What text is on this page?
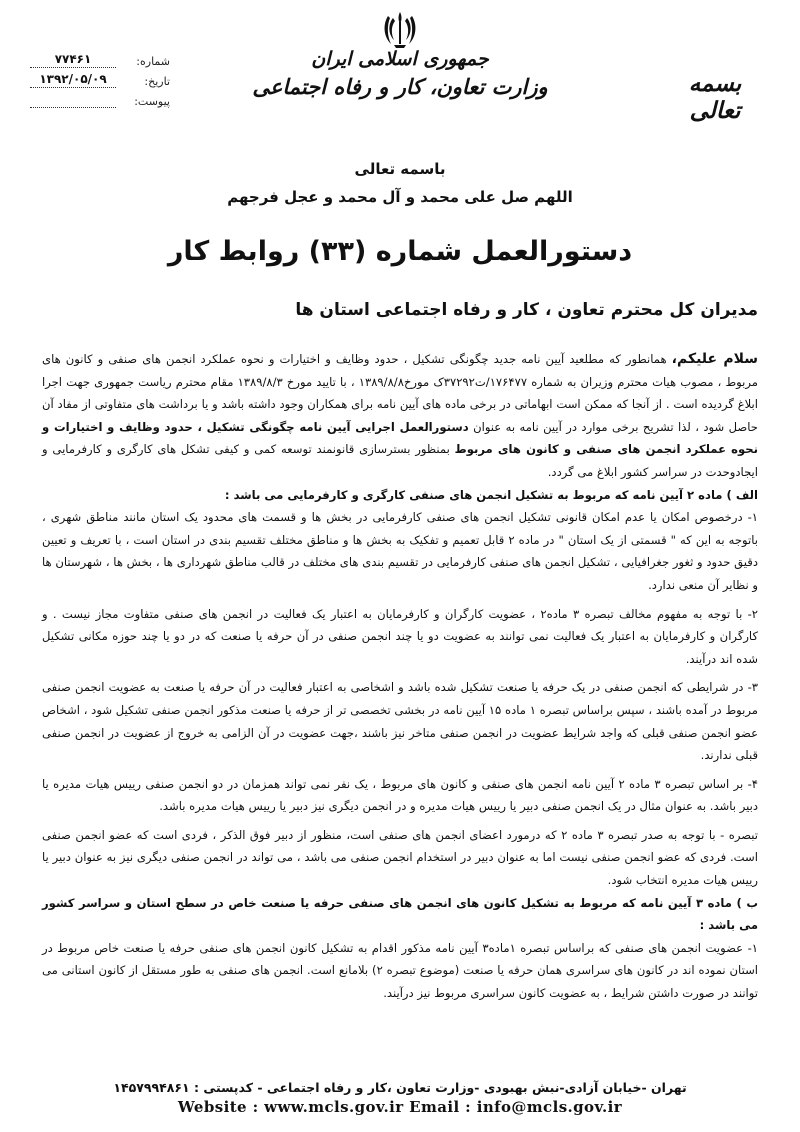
جمهوری اسلامی ایران
وزارت تعاون، کار و رفاه اجتماعی	بسمه تعالی
شماره:
۷۷۴۶۱
تاریخ:
۱۳۹۲/۰۵/۰۹
پیوست:
باسمه تعالی
اللهم صل علی محمد و آل محمد و عجل فرجهم
دستورالعمل شماره (۳۳) روابط کار
مدیران کل محترم تعاون ، کار و رفاه اجتماعی استان ها

سلام علیکم، همانطور که مطلعید آیین نامه جدید چگونگی تشکیل ، حدود وظایف و اختیارات و نحوه عملکرد انجمن های صنفی و کانون های مربوط ، مصوب هیات محترم وزیران به شماره ۱۷۶۴۷۷/ت۳۷۲۹۲ک مورخ۱۳۸۹/۸/۸ ، با تایید مورخ ۱۳۸۹/۸/۳ مقام محترم ریاست جمهوری جهت اجرا ابلاغ گردیده است . از آنجا که ممکن است ابهاماتی در برخی ماده های آیین نامه برای همکاران وجود داشته باشد و یا برداشت های متفاوتی از مفاد آن حاصل شود ، لذا تشریح برخی موارد در آیین نامه به عنوان دستورالعمل اجرایی آیین نامه چگونگی تشکیل ، حدود وظایف و اختیارات و نحوه عملکرد انجمن های صنفی و کانون های مربوط بمنظور بسترسازی قانونمند توسعه کمی و کیفی تشکل های کارگری و کارفرمایی و ایجادوحدت در سراسر کشور ابلاغ می گردد.

الف ) ماده ۲ آیین نامه که مربوط به تشکیل انجمن های صنفی کارگری و کارفرمایی می باشد :

۱- درخصوص امکان یا عدم امکان قانونی تشکیل انجمن های صنفی کارفرمایی در بخش ها و قسمت های محدود یک استان مانند مناطق شهری ، باتوجه به این که " قسمتی از یک استان " در ماده ۲ قابل تعمیم و تفکیک به بخش ها و مناطق مختلف تقسیم بندی در استان است ، با تعریف و تعیین دقیق حدود و ثغور جغرافیایی ، تشکیل انجمن های صنفی کارفرمایی در تقسیم بندی های مختلف در قالب مناطق شهرداری ها ، بخش ها ، شهرستان ها و نظایر آن منعی ندارد.

۲- با توجه به مفهوم مخالف تبصره ۳ ماده۲ ، عضویت کارگران و کارفرمایان به اعتبار یک فعالیت در انجمن های صنفی متفاوت مجاز نیست . و کارگران و کارفرمایان به اعتبار یک فعالیت نمی توانند به عضویت دو یا چند انجمن صنفی در آن حرفه یا صنعت که در دو یا چند حوزه مکانی تشکیل شده اند درآیند.

۳- در شرایطی که انجمن صنفی در یک حرفه یا صنعت تشکیل شده باشد و اشخاصی به اعتبار فعالیت در آن حرفه یا صنعت به عضویت انجمن صنفی مربوط در آمده باشند ، سپس براساس تبصره ۱ ماده ۱۵ آیین نامه در بخشی تخصصی تر از حرفه یا صنعت مذکور انجمن صنفی تشکیل شود ، اشخاص عضو انجمن صنفی قبلی که واجد شرایط عضویت در انجمن صنفی متاخر نیز باشند ،جهت عضویت در آن الزامی به خروج از عضویت در انجمن صنفی قبلی ندارند.

۴- بر اساس تبصره ۳ ماده ۲ آیین نامه انجمن های صنفی و کانون های مربوط ، یک نفر نمی تواند همزمان در دو انجمن صنفی رییس هیات مدیره یا دبیر باشد. به عنوان مثال در یک انجمن صنفی دبیر یا رییس هیات مدیره و در انجمن دیگری نیز دبیر یا رییس هیات مدیره باشد.

تبصره - با توجه به صدر تبصره ۳ ماده ۲ که درمورد اعضای انجمن های صنفی است، منظور از دبیر فوق الذکر ، فردی است که عضو انجمن صنفی است. فردی که عضو انجمن صنفی نیست اما به عنوان دبیر در استخدام انجمن صنفی می باشد ، می تواند در انجمن صنفی دیگری نیز به عنوان دبیر یا رییس هیات مدیره انتخاب شود.

ب ) ماده ۳ آیین نامه که مربوط به تشکیل کانون های انجمن های صنفی حرفه یا صنعت خاص در سطح استان و سراسر کشور می باشد :

۱- عضویت انجمن های صنفی که براساس تبصره ۱ماده۳ آیین نامه مذکور اقدام به تشکیل کانون انجمن های صنفی حرفه یا صنعت خاص مربوط در استان نموده اند در کانون های سراسری همان حرفه یا صنعت (موضوع تبصره ۲) بلامانع است. انجمن های صنفی به طور مستقل از کانون استانی می توانند در صورت داشتن شرایط ، به عضویت کانون سراسری مربوط نیز درآیند.

تهران -خیابان آزادی-نبش بهبودی -وزارت تعاون ،کار و رفاه اجتماعی - کدپستی : ۱۴۵۷۹۹۴۸۶۱
Website : www.mcls.gov.ir Email : info@mcls.gov.ir
